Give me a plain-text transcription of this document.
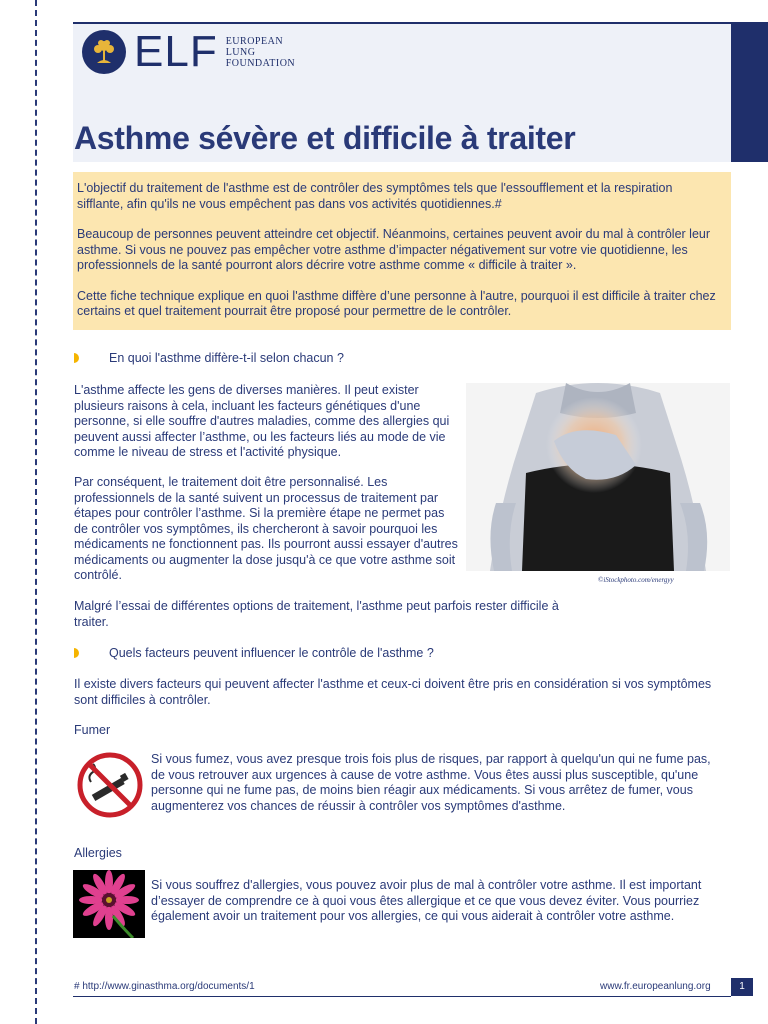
ELF EUROPEAN
LUNG
FOUNDATION
Asthme sévère et difficile à traiter

L'objectif du traitement de l'asthme est de contrôler des symptômes tels que l'essoufflement et la respiration sifflante, afin qu'ils ne vous empêchent pas dans vos activités quotidiennes.#

Beaucoup de personnes peuvent atteindre cet objectif. Néanmoins, certaines peuvent avoir du mal à contrôler leur asthme. Si vous ne pouvez pas empêcher votre asthme d’impacter négativement sur votre vie quotidienne, les professionnels de la santé pourront alors décrire votre asthme comme « difficile à traiter ».

Cette fiche technique explique en quoi l'asthme diffère d’une personne à l'autre, pourquoi il est difficile à traiter chez certains et quel traitement pourrait être proposé pour permettre de le contrôler.

En quoi l'asthme diffère-t-il selon chacun ?
L'asthme affecte les gens de diverses manières. Il peut exister plusieurs raisons à cela, incluant les facteurs génétiques d'une personne, si elle souffre d'autres maladies, comme des allergies qui peuvent aussi affecter l’asthme, ou les facteurs liés au mode de vie comme le niveau de stress et l'activité physique.
Par conséquent, le traitement doit être personnalisé. Les professionnels de la santé suivent un processus de traitement par étapes pour contrôler l’asthme. Si la première étape ne permet pas de contrôler vos symptômes, ils chercheront à savoir pourquoi les médicaments ne fonctionnent pas. Ils pourront aussi essayer d'autres médicaments ou augmenter la dose jusqu'à ce que votre asthme soit contrôlé.
Malgré l’essai de différentes options de traitement, l'asthme peut parfois rester difficile à traiter.
©iStockphoto.com/energyy
Quels facteurs peuvent influencer le contrôle de l'asthme ?
Il existe divers facteurs qui peuvent affecter l'asthme et ceux-ci doivent être pris en considération si vos symptômes sont difficiles à contrôler.
Fumer
Si vous fumez, vous avez presque trois fois plus de risques, par rapport à quelqu'un qui ne fume pas, de vous retrouver aux urgences à cause de votre asthme. Vous êtes aussi plus susceptible, qu'une personne qui ne fume pas, de moins bien réagir aux médicaments. Si vous arrêtez de fumer, vous augmenterez vos chances de réussir à contrôler vos symptômes d'asthme.
Allergies
Si vous souffrez d'allergies, vous pouvez avoir plus de mal à contrôler votre asthme. Il est important d’essayer de comprendre ce à quoi vous êtes allergique et ce que vous devez éviter. Vous pourriez également avoir un traitement pour vos allergies, ce qui vous aiderait à contrôler votre asthme.
# http://www.ginasthma.org/documents/1	www.fr.europeanlung.org	1
